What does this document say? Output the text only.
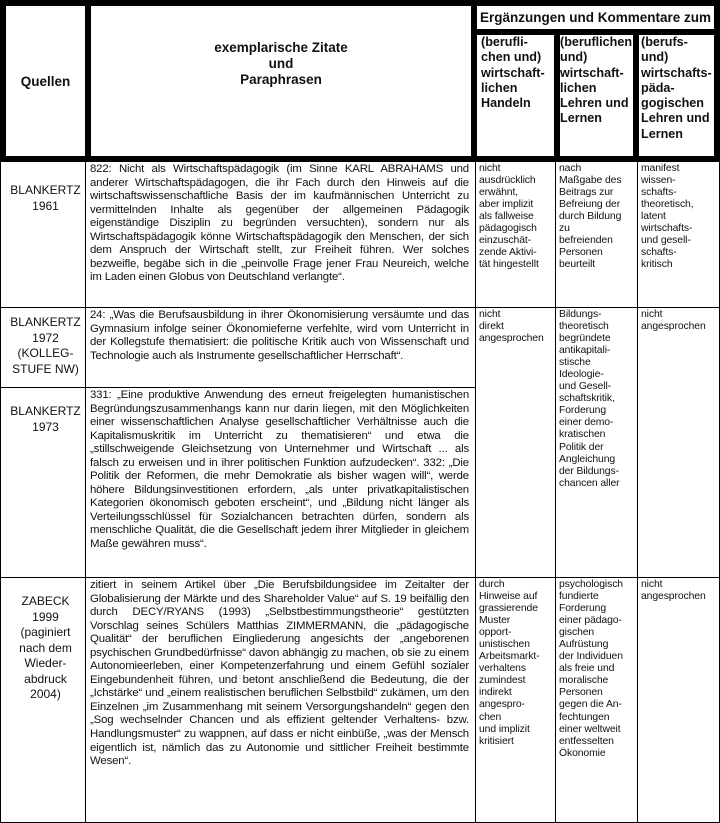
Quellen
exemplarische Zitate
und
Paraphrasen
Ergänzungen und Kommentare zum
(berufli-
chen und)
wirtschaft-
lichen
Handeln
(beruflichen
und)
wirtschaft-
lichen
Lehren und
Lernen
(berufs-
und)
wirtschafts-
päda-
gogischen
Lehren und
Lernen
BLANKERTZ
1961
822: Nicht als Wirtschaftspädagogik (im Sinne KARL ABRAHAMS und anderer Wirtschaftspädagogen, die ihr Fach durch den Hinweis auf die wirtschaftswissenschaftliche Basis der im kaufmännischen Unterricht zu vermittelnden Inhalte als gegenüber der allgemeinen Pädagogik eigenständige Disziplin zu begründen versuchten), sondern nur als Wirtschaftspädagogik könne Wirtschaftspädagogik den Menschen, der sich dem Anspruch der Wirtschaft stellt, zur Freiheit führen. Wer solches bezweifle, begäbe sich in die „peinvolle Frage jener Frau Neureich, welche im Laden einen Globus von Deutschland verlangte“.
nicht
ausdrücklich
erwähnt,
aber implizit
als fallweise
pädagogisch
einzuschät-
zende Aktivi-
tät hingestellt
nach
Maßgabe des
Beitrags zur
Befreiung der
durch Bildung
zu
befreienden
Personen
beurteilt
manifest
wissen-
schafts-
theoretisch,
latent
wirtschafts-
und gesell-
schafts-
kritisch
BLANKERTZ
1972
(KOLLEG-
STUFE NW)
24: „Was die Berufsausbildung in ihrer Ökonomisierung versäumte und das Gymnasium infolge seiner Ökonomieferne verfehlte, wird vom Unterricht in der Kollegstufe thematisiert: die politische Kritik auch von Wissenschaft und Technologie auch als Instrumente gesellschaftlicher Herrschaft“.
nicht
direkt
angesprochen
Bildungs-
theoretisch
begründete
antikapitali-
stische
Ideologie-
und Gesell-
schaftskritik,
Forderung
einer demo-
kratischen
Politik der
Angleichung
der Bildungs-
chancen aller
nicht
angesprochen
BLANKERTZ
1973
331: „Eine produktive Anwendung des erneut freigelegten humanistischen Begründungszusammenhangs kann nur darin liegen, mit den Möglichkeiten einer wissenschaftlichen Analyse gesellschaftlicher Verhältnisse auch die Kapitalismuskritik im Unterricht zu thematisieren“ und etwa die „stillschweigende Gleichsetzung von Unternehmer und Wirtschaft ... als falsch zu erweisen und in ihrer politischen Funktion aufzudecken“. 332: „Die Politik der Reformen, die mehr Demokratie als bisher wagen will“, werde höhere Bildungsinvestitionen erfordern, „als unter privatkapitalistischen Kategorien ökonomisch geboten erscheint“, und „Bildung nicht länger als Verteilungsschlüssel für Sozialchancen betrachten dürfen, sondern als menschliche Qualität, die die Gesellschaft jedem ihrer Mitglieder in gleichem Maße gewähren muss“.
ZABECK
1999
(paginiert
nach dem
Wieder-
abdruck
2004)
zitiert in seinem Artikel über „Die Berufsbildungsidee im Zeitalter der Globalisierung der Märkte und des Shareholder Value“ auf S. 19 beifällig den durch DECY/RYANS (1993) „Selbstbestimmungstheorie“ gestützten Vorschlag seines Schülers Matthias ZIMMERMANN, die „pädagogische Qualität“ der beruflichen Eingliederung angesichts der „angeborenen psychischen Grundbedürfnisse“ davon abhängig zu machen, ob sie zu einem Autonomieerleben, einer Kompetenzerfahrung und einem Gefühl sozialer Eingebundenheit führen, und betont anschließend die Bedeutung, die der „Ichstärke“ und „einem realistischen beruflichen Selbstbild“ zukämen, um den Einzelnen „im Zusammenhang mit seinem Versorgungshandeln“ gegen den „Sog wechselnder Chancen und als effizient geltender Verhaltens- bzw. Handlungsmuster“ zu wappnen, auf dass er nicht einbüße, „was der Mensch eigentlich ist, nämlich das zu Autonomie und sittlicher Freiheit bestimmte Wesen“.
durch
Hinweise auf
grassierende
Muster
opport-
unistischen
Arbeitsmarkt-
verhaltens
zumindest
indirekt
angespro-
chen
und implizit
kritisiert
psychologisch
fundierte
Forderung
einer pädago-
gischen
Aufrüstung
der Individuen
als freie und
moralische
Personen
gegen die An-
fechtungen
einer weltweit
entfesselten
Ökonomie
nicht
angesprochen
